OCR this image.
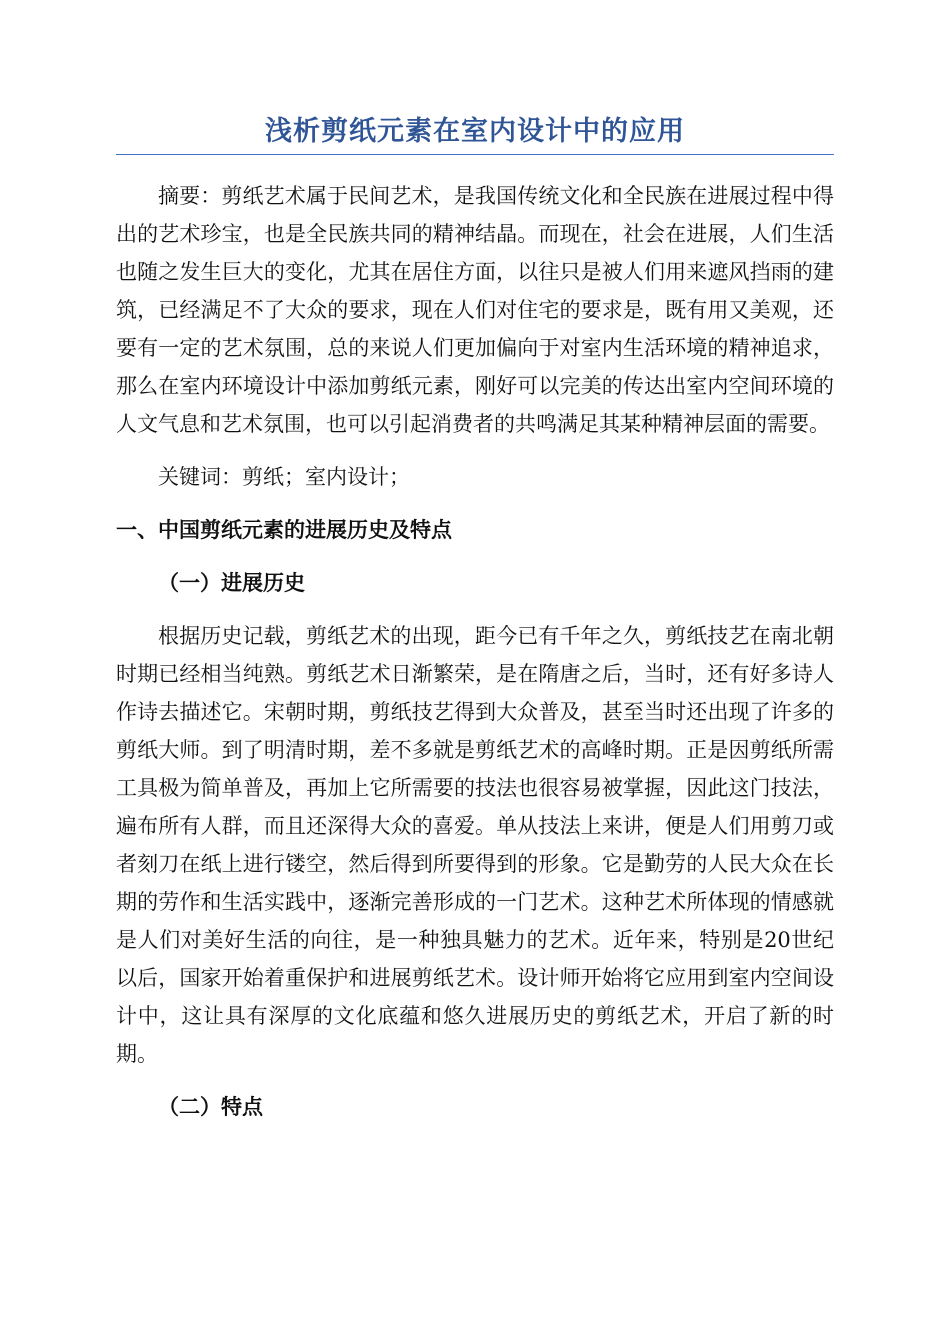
浅析剪纸元素在室内设计中的应用

摘要：剪纸艺术属于民间艺术，是我国传统文化和全民族在进展过程中得出的艺术珍宝，也是全民族共同的精神结晶。而现在，社会在进展，人们生活也随之发生巨大的变化，尤其在居住方面，以往只是被人们用来遮风挡雨的建筑，已经满足不了大众的要求，现在人们对住宅的要求是，既有用又美观，还要有一定的艺术氛围，总的来说人们更加偏向于对室内生活环境的精神追求，那么在室内环境设计中添加剪纸元素，刚好可以完美的传达出室内空间环境的人文气息和艺术氛围，也可以引起消费者的共鸣满足其某种精神层面的需要。

关键词：剪纸；室内设计；

一、中国剪纸元素的进展历史及特点
（一）进展历史

根据历史记载，剪纸艺术的出现，距今已有千年之久，剪纸技艺在南北朝时期已经相当纯熟。剪纸艺术日渐繁荣，是在隋唐之后，当时，还有好多诗人作诗去描述它。宋朝时期，剪纸技艺得到大众普及，甚至当时还出现了许多的剪纸大师。到了明清时期，差不多就是剪纸艺术的高峰时期。正是因剪纸所需工具极为简单普及，再加上它所需要的技法也很容易被掌握，因此这门技法，遍布所有人群，而且还深得大众的喜爱。单从技法上来讲，便是人们用剪刀或者刻刀在纸上进行镂空，然后得到所要得到的形象。它是勤劳的人民大众在长期的劳作和生活实践中，逐渐完善形成的一门艺术。这种艺术所体现的情感就是人们对美好生活的向往，是一种独具魅力的艺术。近年来，特别是20世纪以后，国家开始着重保护和进展剪纸艺术。设计师开始将它应用到室内空间设计中，这让具有深厚的文化底蕴和悠久进展历史的剪纸艺术，开启了新的时期。

（二）特点
